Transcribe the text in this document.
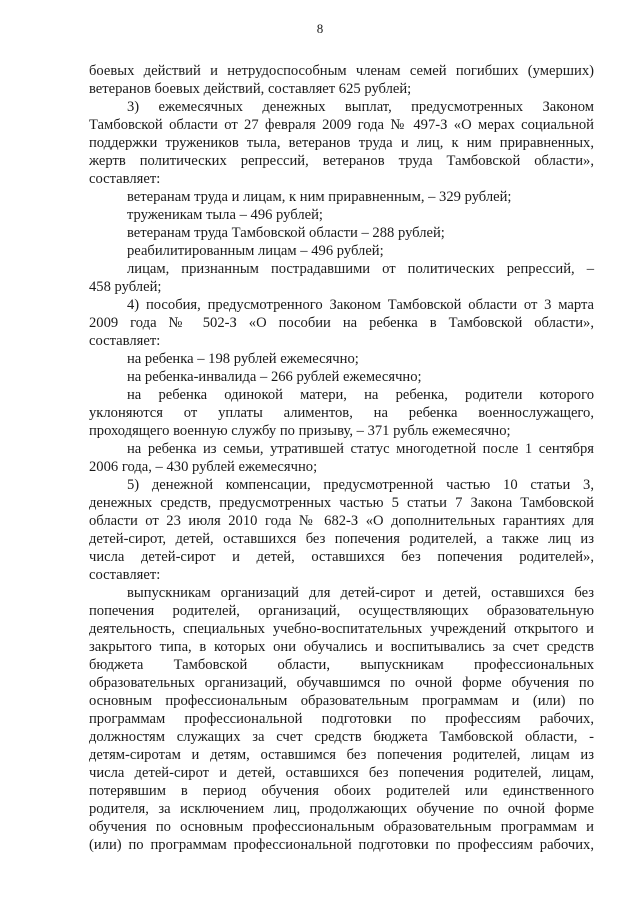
8

боевых действий и нетрудоспособным членам семей погибших (умерших)

ветеранов боевых действий, составляет 625 рублей;

3) ежемесячных денежных выплат, предусмотренных Законом

Тамбовской области от 27 февраля 2009 года № 497-З «О мерах социальной

поддержки тружеников тыла, ветеранов труда и лиц, к ним приравненных,

жертв политических репрессий, ветеранов труда Тамбовской области»,

составляет:

ветеранам труда и лицам, к ним приравненным, – 329 рублей;

труженикам тыла – 496 рублей;

ветеранам труда Тамбовской области – 288 рублей;

реабилитированным лицам – 496 рублей;

лицам, признанным пострадавшими от политических репрессий, –

458 рублей;

4) пособия, предусмотренного Законом Тамбовской области от 3 марта

2009 года № 502-З «О пособии на ребенка в Тамбовской области»,

составляет:

на ребенка – 198 рублей ежемесячно;

на ребенка-инвалида – 266 рублей ежемесячно;

на ребенка одинокой матери, на ребенка, родители которого

уклоняются от уплаты алиментов, на ребенка военнослужащего,

проходящего военную службу по призыву, – 371 рубль ежемесячно;

на ребенка из семьи, утратившей статус многодетной после 1 сентября

2006 года, – 430 рублей ежемесячно;

5) денежной компенсации, предусмотренной частью 10 статьи 3,

денежных средств, предусмотренных частью 5 статьи 7 Закона Тамбовской

области от 23 июля 2010 года № 682-З «О дополнительных гарантиях для

детей-сирот, детей, оставшихся без попечения родителей, а также лиц из

числа детей-сирот и детей, оставшихся без попечения родителей»,

составляет:

выпускникам организаций для детей-сирот и детей, оставшихся без

попечения родителей, организаций, осуществляющих образовательную

деятельность, специальных учебно-воспитательных учреждений открытого и

закрытого типа, в которых они обучались и воспитывались за счет средств

бюджета Тамбовской области, выпускникам профессиональных

образовательных организаций, обучавшимся по очной форме обучения по

основным профессиональным образовательным программам и (или) по

программам профессиональной подготовки по профессиям рабочих,

должностям служащих за счет средств бюджета Тамбовской области, -

детям-сиротам и детям, оставшимся без попечения родителей, лицам из

числа детей-сирот и детей, оставшихся без попечения родителей, лицам,

потерявшим в период обучения обоих родителей или единственного

родителя, за исключением лиц, продолжающих обучение по очной форме

обучения по основным профессиональным образовательным программам и

(или) по программам профессиональной подготовки по профессиям рабочих,
